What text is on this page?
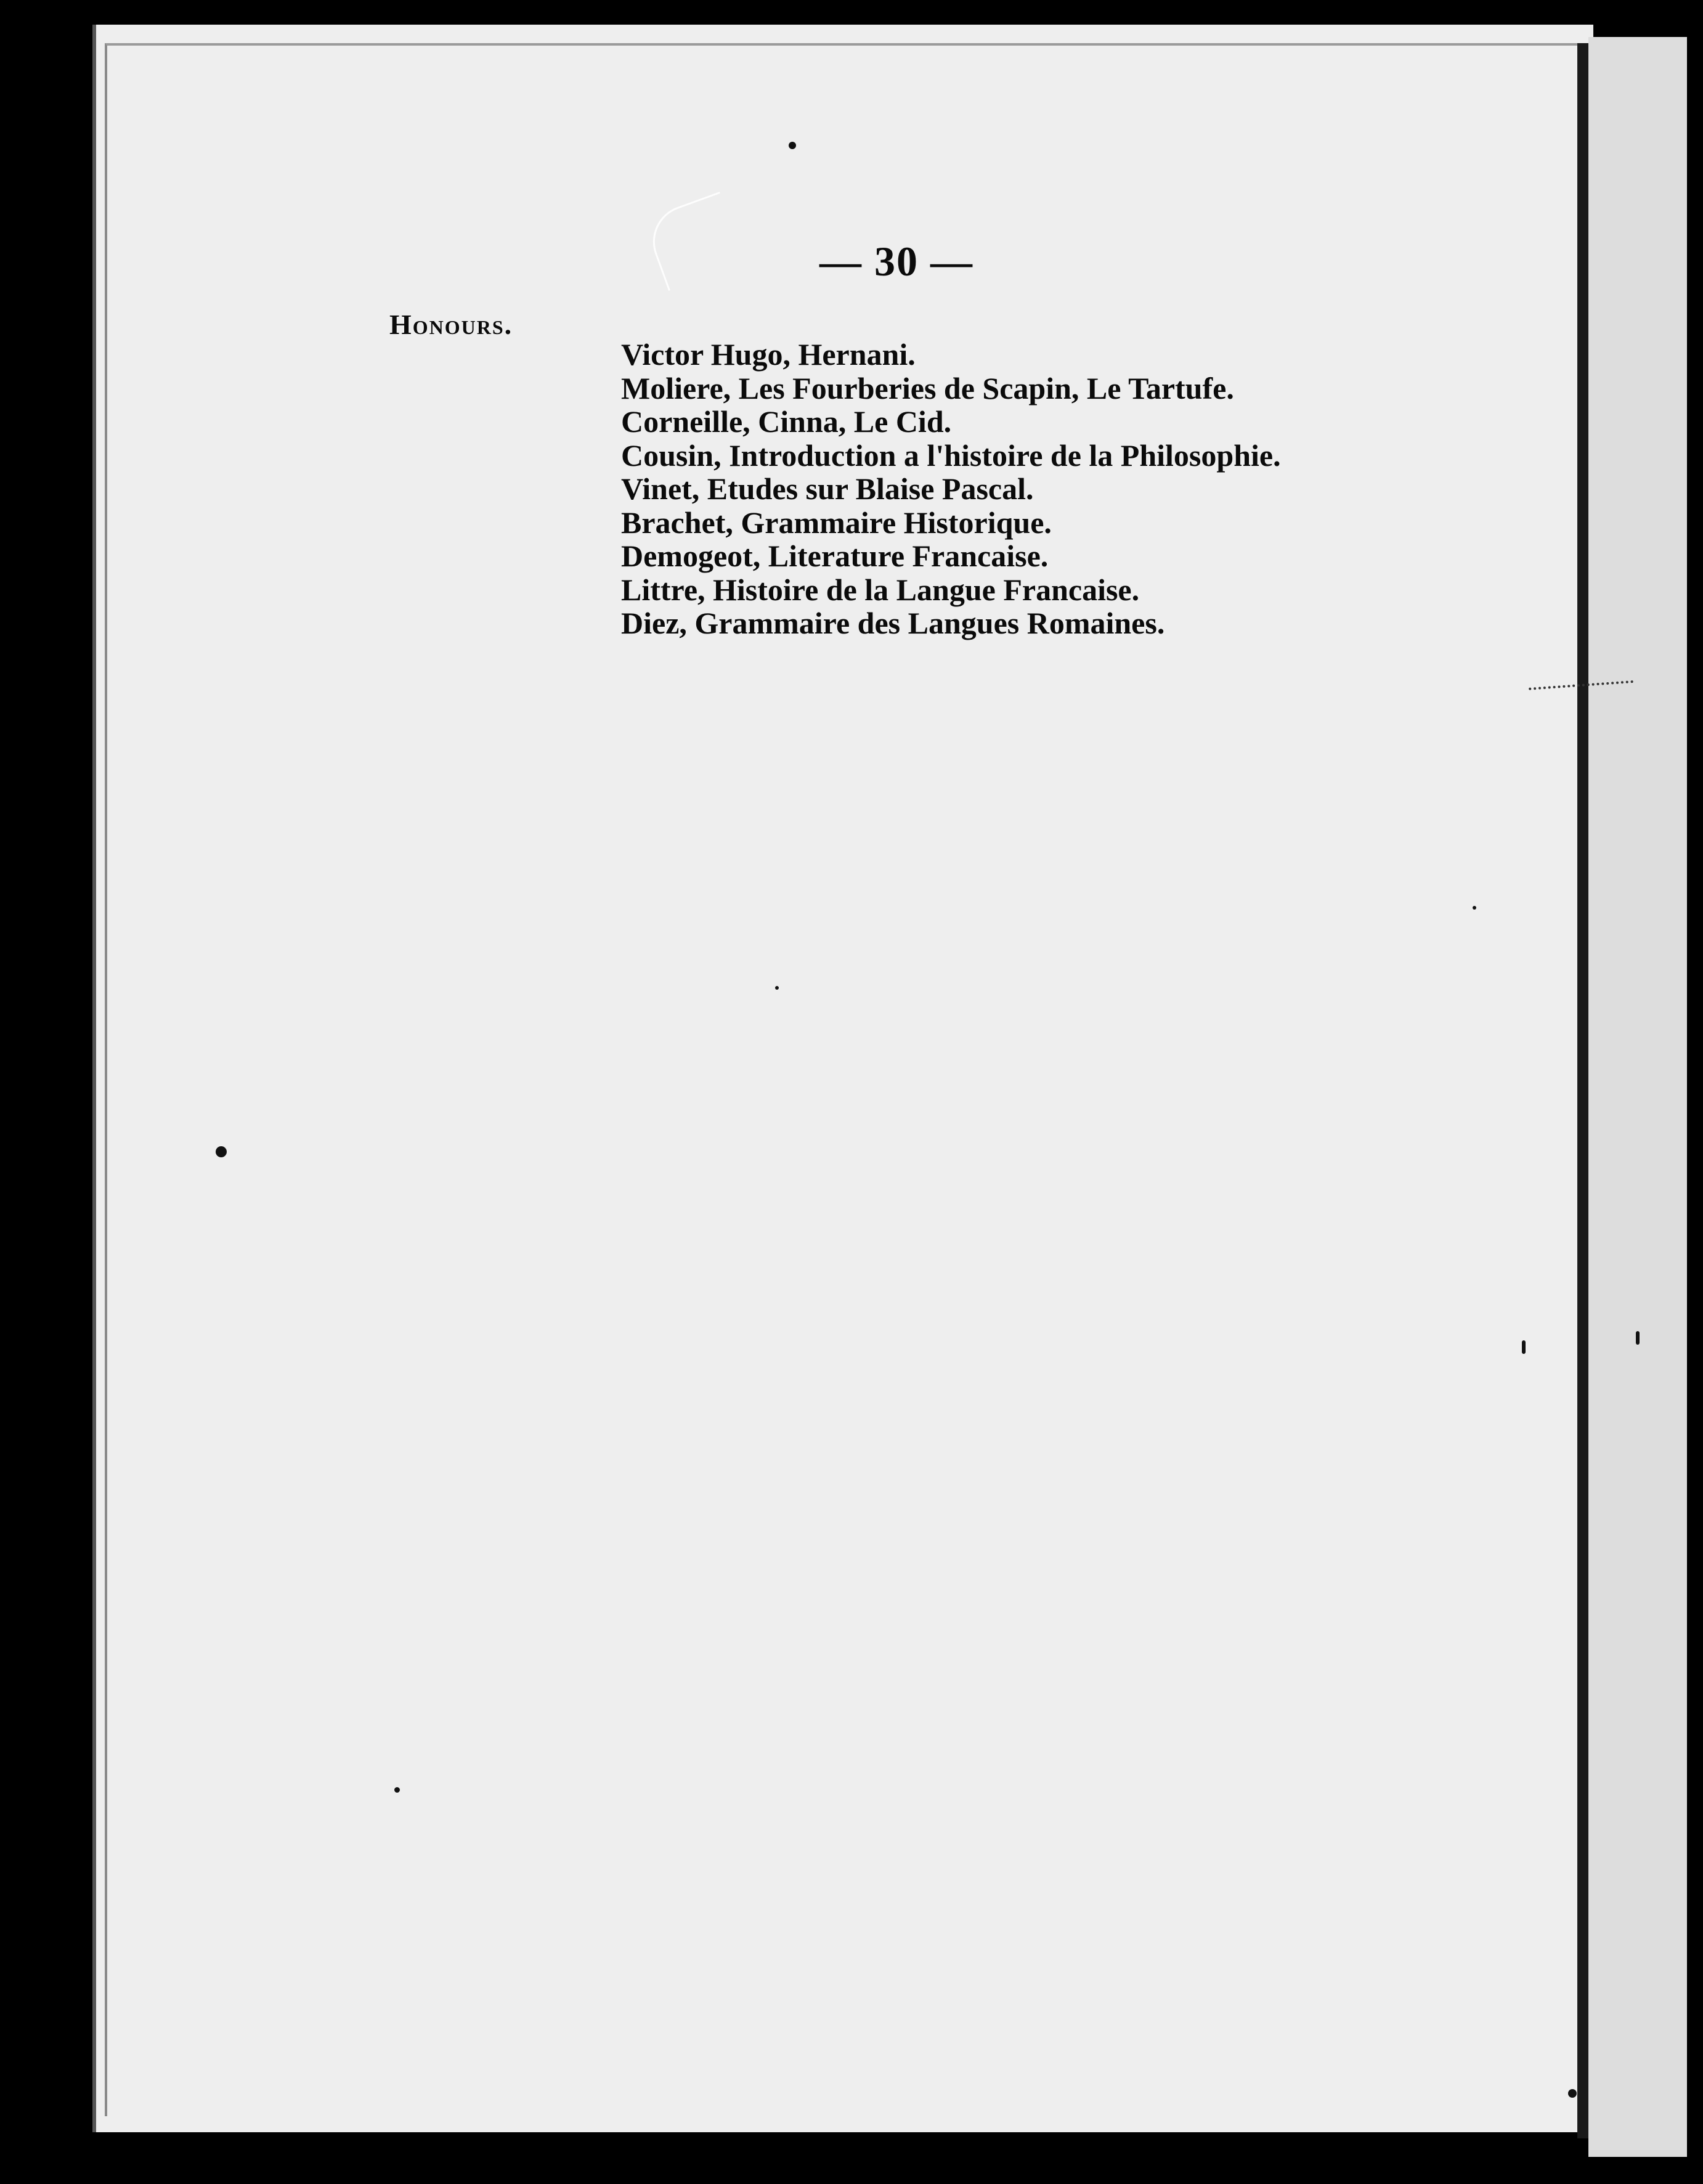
— 30 —
Honours.
Victor Hugo, Hernani.
Moliere, Les Fourberies de Scapin, Le Tartufe.
Corneille, Cinna, Le Cid.
Cousin, Introduction a l'histoire de la Philosophie.
Vinet, Etudes sur Blaise Pascal.
Brachet, Grammaire Historique.
Demogeot, Literature Francaise.
Littre, Histoire de la Langue Francaise.
Diez, Grammaire des Langues Romaines.
